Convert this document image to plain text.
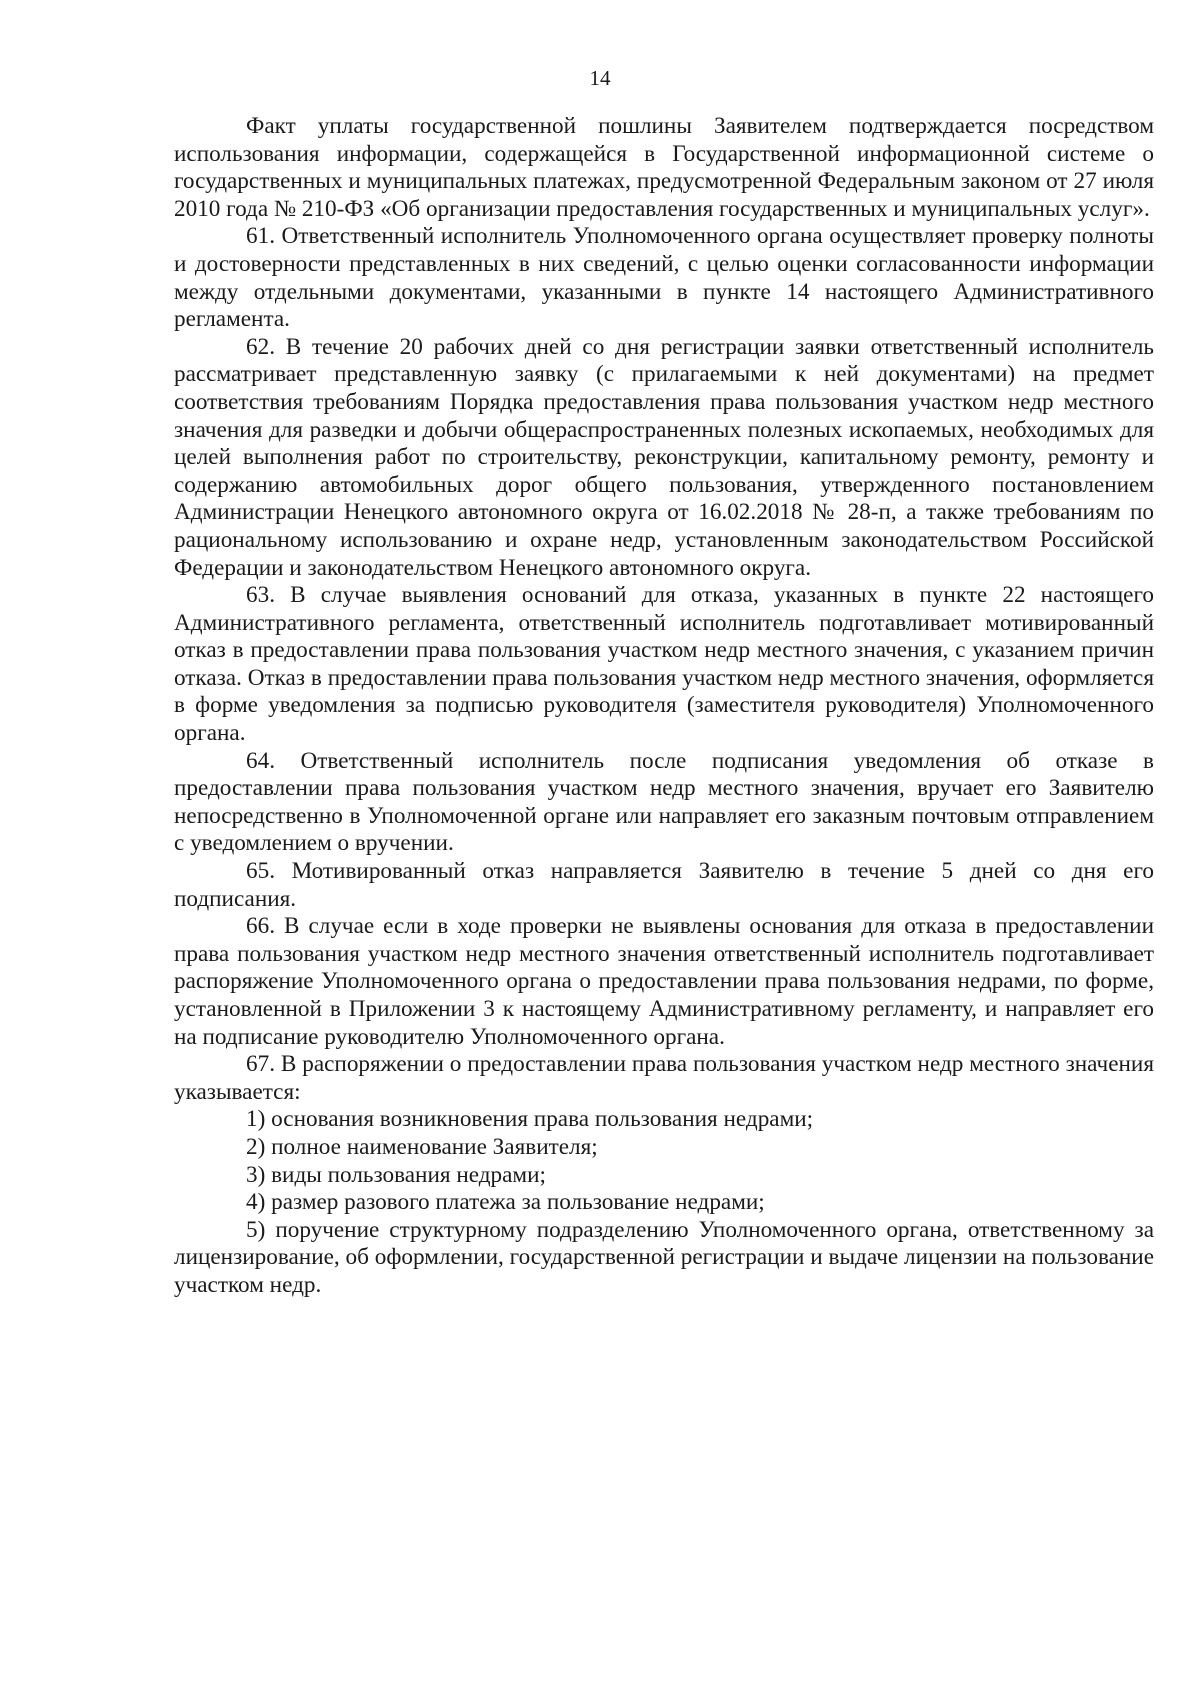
14

Факт уплаты государственной пошлины Заявителем подтверждается посредством использования информации, содержащейся в Государственной информационной системе о государственных и муниципальных платежах, предусмотренной Федеральным законом от 27 июля 2010 года № 210-ФЗ «Об организации предоставления государственных и муниципальных услуг».

61. Ответственный исполнитель Уполномоченного органа осуществляет проверку полноты и достоверности представленных в них сведений, с целью оценки согласованности информации между отдельными документами, указанными в пункте 14 настоящего Административного регламента.

62. В течение 20 рабочих дней со дня регистрации заявки ответственный исполнитель рассматривает представленную заявку (с прилагаемыми к ней документами) на предмет соответствия требованиям Порядка предоставления права пользования участком недр местного значения для разведки и добычи общераспространенных полезных ископаемых, необходимых для целей выполнения работ по строительству, реконструкции, капитальному ремонту, ремонту и содержанию автомобильных дорог общего пользования, утвержденного постановлением Администрации Ненецкого автономного округа от 16.02.2018 № 28-п, а также требованиям по рациональному использованию и охране недр, установленным законодательством Российской Федерации и законодательством Ненецкого автономного округа.

63. В случае выявления оснований для отказа, указанных в пункте 22 настоящего Административного регламента, ответственный исполнитель подготавливает мотивированный отказ в предоставлении права пользования участком недр местного значения, с указанием причин отказа. Отказ в предоставлении права пользования участком недр местного значения, оформляется в форме уведомления за подписью руководителя (заместителя руководителя) Уполномоченного органа.

64. Ответственный исполнитель после подписания уведомления об отказе в предоставлении права пользования участком недр местного значения, вручает его Заявителю непосредственно в Уполномоченной органе или направляет его заказным почтовым отправлением с уведомлением о вручении.

65. Мотивированный отказ направляется Заявителю в течение 5 дней со дня его подписания.

66. В случае если в ходе проверки не выявлены основания для отказа в предоставлении права пользования участком недр местного значения ответственный исполнитель подготавливает распоряжение Уполномоченного органа о предоставлении права пользования недрами, по форме, установленной в Приложении 3 к настоящему Административному регламенту, и направляет его на подписание руководителю Уполномоченного органа.

67. В распоряжении о предоставлении права пользования участком недр местного значения указывается:

1) основания возникновения права пользования недрами;

2) полное наименование Заявителя;

3) виды пользования недрами;

4) размер разового платежа за пользование недрами;

5) поручение структурному подразделению Уполномоченного органа, ответственному за лицензирование, об оформлении, государственной регистрации и выдаче лицензии на пользование участком недр.
